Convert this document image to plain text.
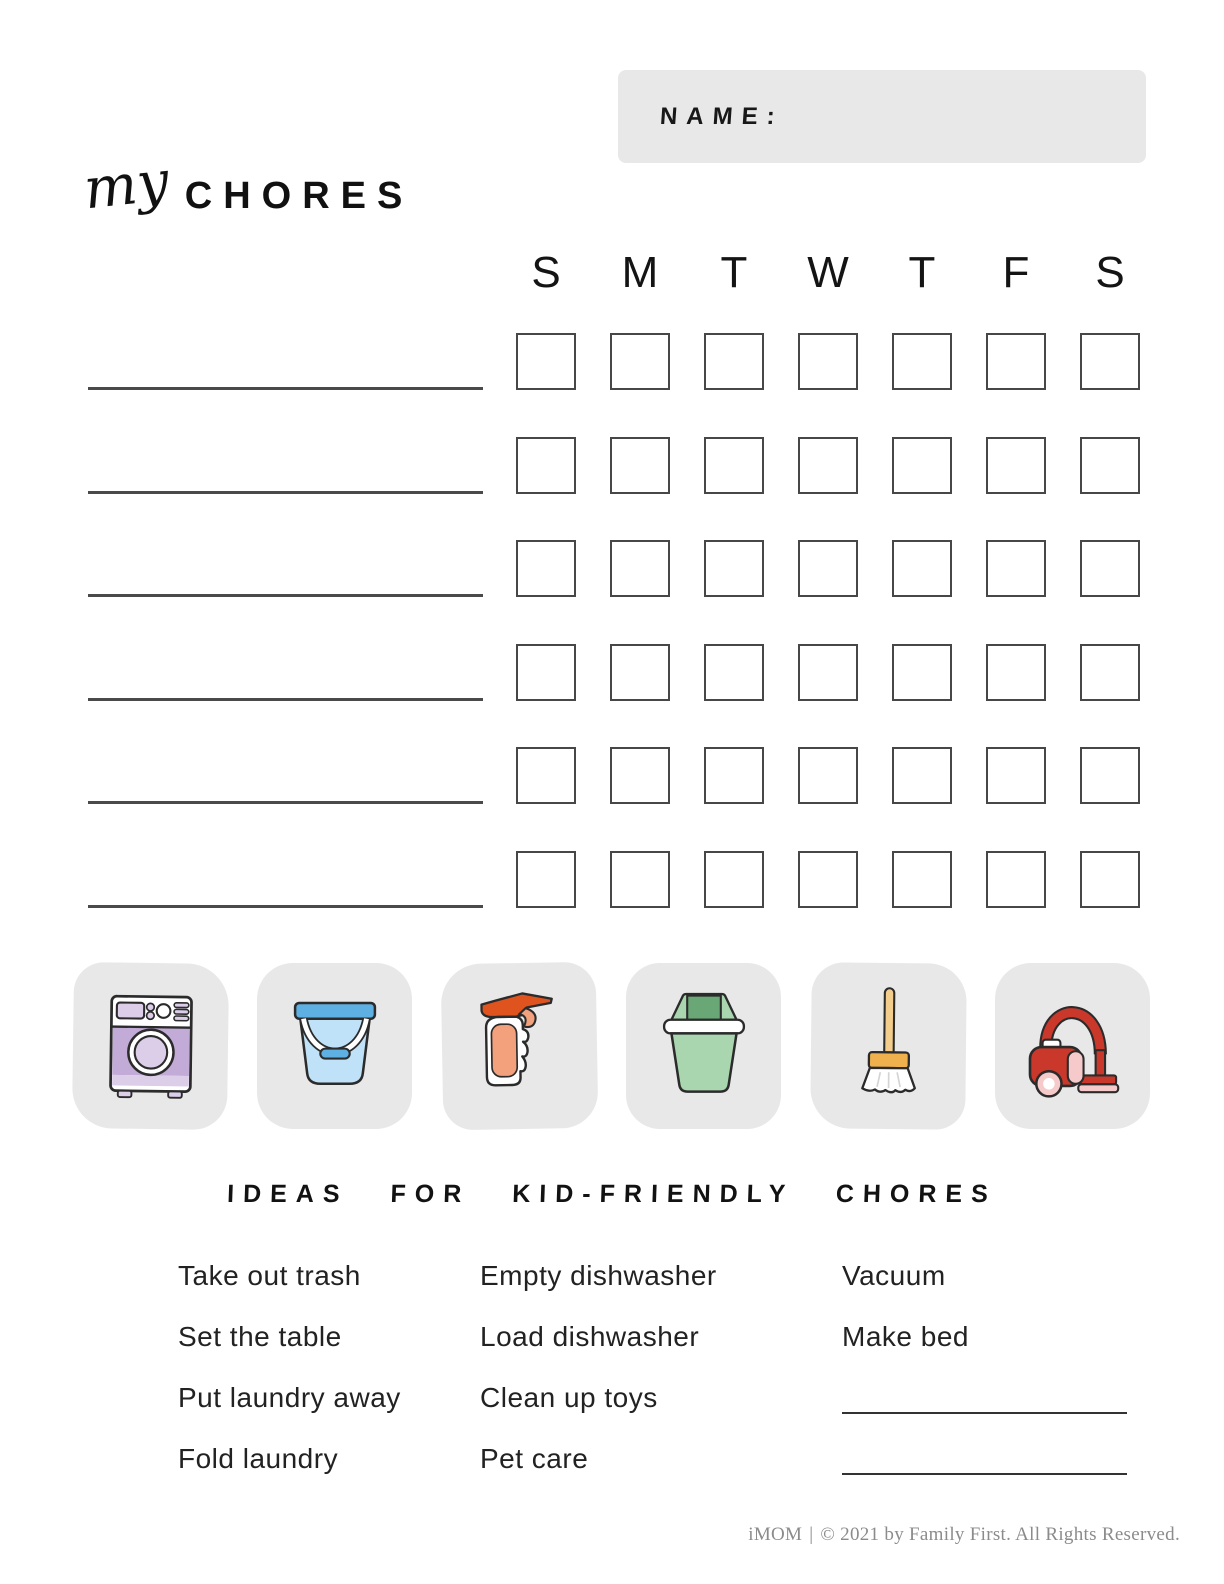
NAME:
my CHORES
S	M	T	W	T	F	S
IDEAS FOR KID-FRIENDLY CHORES
Take out trash
Set the table
Put laundry away
Fold laundry
Empty dishwasher
Load dishwasher
Clean up toys
Pet care
Vacuum
Make bed
iMOM | © 2021 by Family First. All Rights Reserved.
